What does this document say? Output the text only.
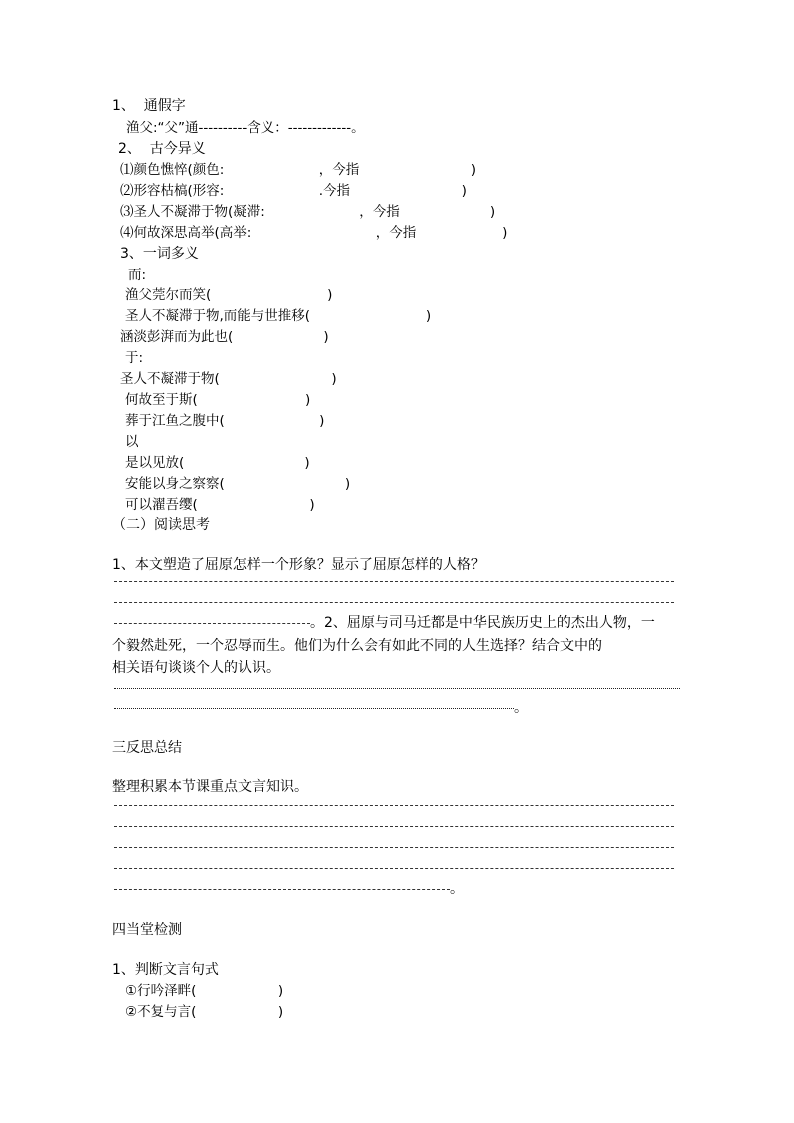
1、  通假字
渔父:“父”通----------含义：-------------。
2、  古今异义
⑴颜色憔悴(颜色:                      ，今指                          )
⑵形容枯槁(形容:                      .今指                          )
⑶圣人不凝滞于物(凝滞:                      ，今指                     )
⑷何故深思高举(高举:                             ，今指                    )
3、一词多义
而:
渔父莞尔而笑(                           )
圣人不凝滞于物,而能与世推移(                           )
涵淡彭湃而为此也(                     )
于:
圣人不凝滞于物(                          )
何故至于斯(                         )
葬于江鱼之腹中(                      )
以
是以见放(                            )
安能以身之察察(                            )
可以濯吾缨(                          )
（二）阅读思考
1、本文塑造了屈原怎样一个形象？显示了屈原怎样的人格？
。2、屈原与司马迁都是中华民族历史上的杰出人物，一
个毅然赴死，一个忍辱而生。他们为什么会有如此不同的人生选择？结合文中的
相关语句谈谈个人的认识。
。
三反思总结
整理积累本节课重点文言知识。
。
四当堂检测
1、判断文言句式
①行吟泽畔(                   )
②不复与言(                   )
